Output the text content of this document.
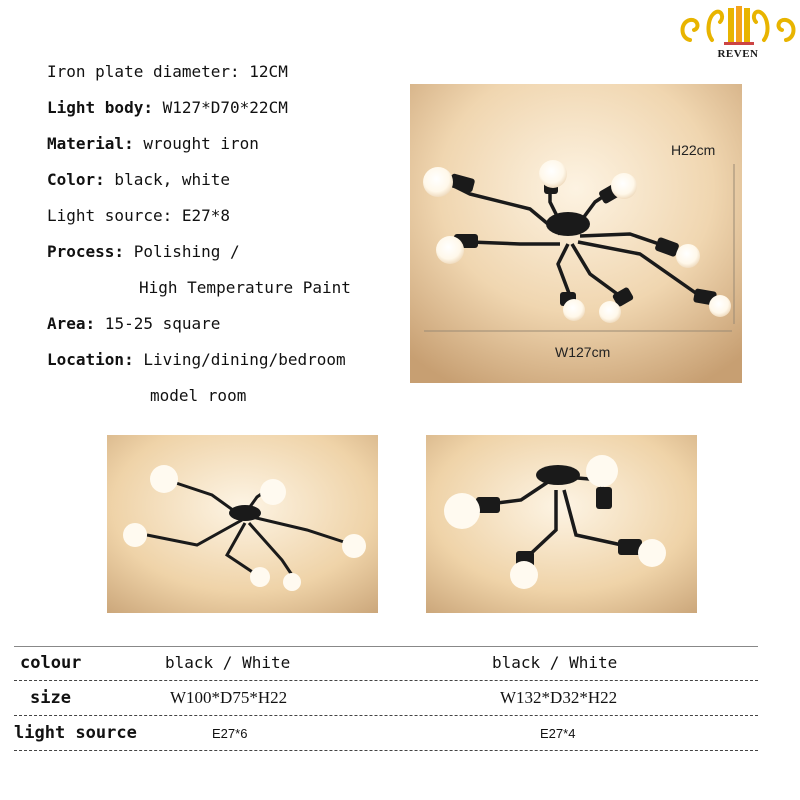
REVEN
Iron plate diameter: 12CM
Light body: W127*D70*22CM
Material: wrought iron
Color: black, white
Light source: E27*8
Process: Polishing /
High Temperature Paint
Area: 15-25 square
Location: Living/dining/bedroom
model room
H22cm
W127cm
colour	black / White	black / White
size	W100*D75*H22	W132*D32*H22
light source	E27*6	E27*4
